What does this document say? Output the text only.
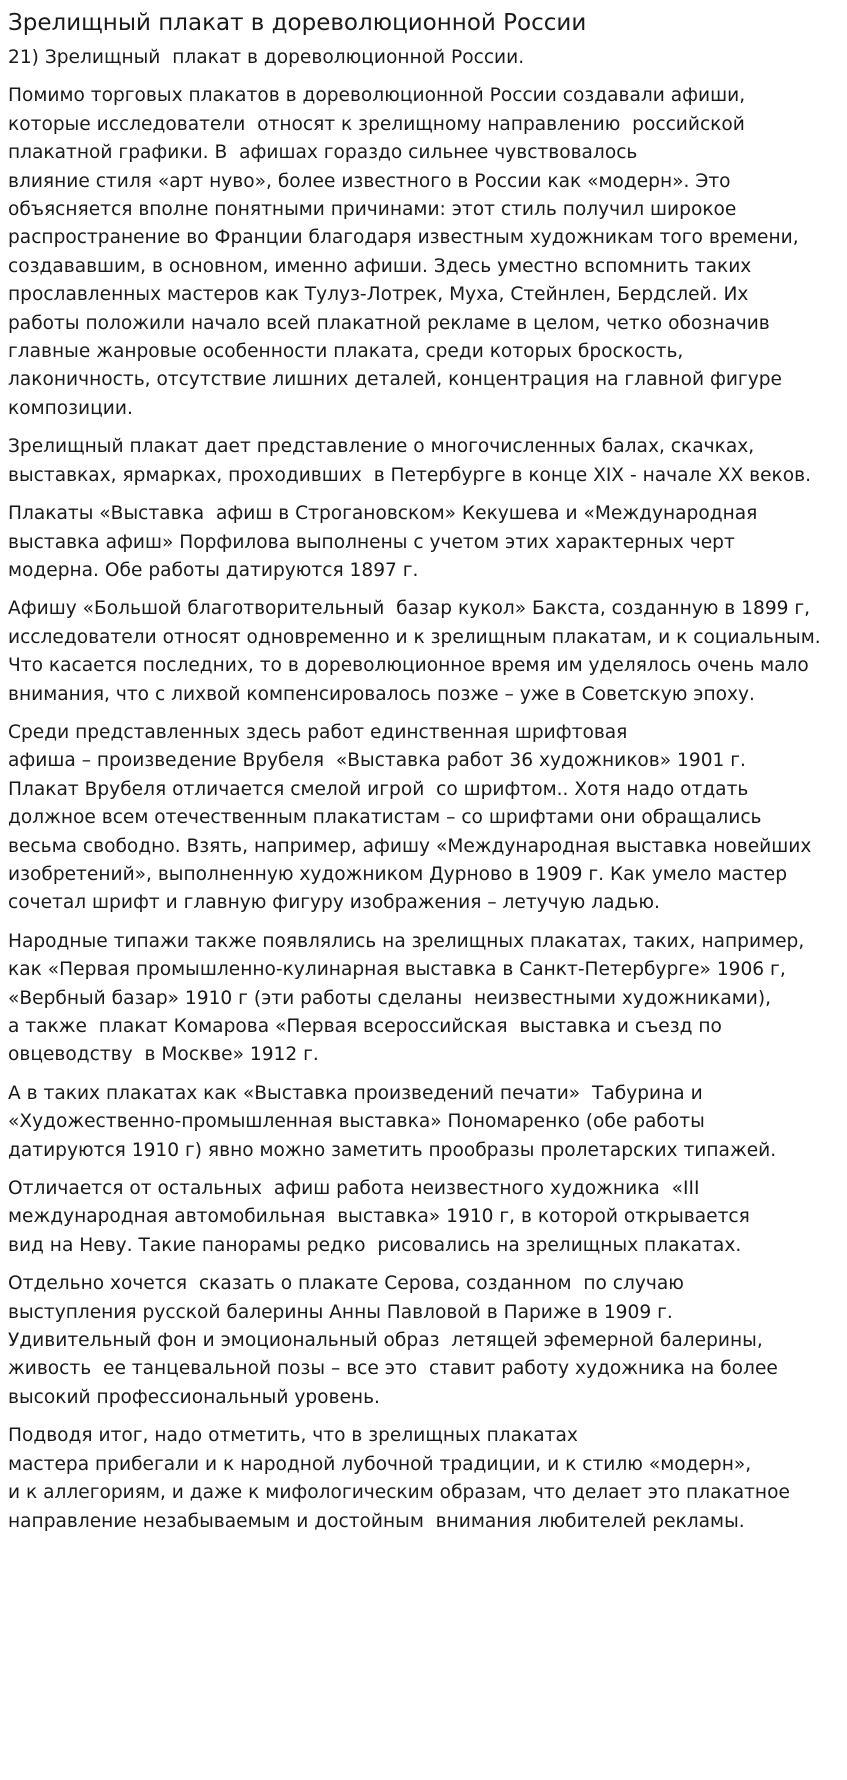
Зрелищный плакат в дореволюционной России

21) Зрелищный  плакат в дореволюционной России.

Помимо торговых плакатов в дореволюционной России создавали афиши,
которые исследователи  относят к зрелищному направлению  российской
плакатной графики. В  афишах гораздо сильнее чувствовалось
влияние стиля «арт нуво», более известного в России как «модерн». Это
объясняется вполне понятными причинами: этот стиль получил широкое
распространение во Франции благодаря известным художникам того времени,
создававшим, в основном, именно афиши. Здесь уместно вспомнить таких
прославленных мастеров как Тулуз-Лотрек, Муха, Стейнлен, Бердслей. Их
работы положили начало всей плакатной рекламе в целом, четко обозначив
главные жанровые особенности плаката, среди которых броскость,
лаконичность, отсутствие лишних деталей, концентрация на главной фигуре
композиции.

Зрелищный плакат дает представление о многочисленных балах, скачках,
выставках, ярмарках, проходивших  в Петербурге в конце XIX - начале XX веков.

Плакаты «Выставка  афиш в Строгановском» Кекушева и «Международная
выставка афиш» Порфилова выполнены с учетом этих характерных черт
модерна. Обе работы датируются 1897 г.

Афишу «Большой благотворительный  базар кукол» Бакста, созданную в 1899 г,
исследователи относят одновременно и к зрелищным плакатам, и к социальным.
Что касается последних, то в дореволюционное время им уделялось очень мало
внимания, что с лихвой компенсировалось позже – уже в Советскую эпоху.

Среди представленных здесь работ единственная шрифтовая
афиша – произведение Врубеля  «Выставка работ 36 художников» 1901 г.
Плакат Врубеля отличается смелой игрой  со шрифтом.. Хотя надо отдать
должное всем отечественным плакатистам – со шрифтами они обращались
весьма свободно. Взять, например, афишу «Международная выставка новейших
изобретений», выполненную художником Дурново в 1909 г. Как умело мастер
сочетал шрифт и главную фигуру изображения – летучую ладью.

Народные типажи также появлялись на зрелищных плакатах, таких, например,
как «Первая промышленно-кулинарная выставка в Санкт-Петербурге» 1906 г,
«Вербный базар» 1910 г (эти работы сделаны  неизвестными художниками),
а также  плакат Комарова «Первая всероссийская  выставка и съезд по
овцеводству  в Москве» 1912 г.

А в таких плакатах как «Выставка произведений печати»  Табурина и
«Художественно-промышленная выставка» Пономаренко (обе работы
датируются 1910 г) явно можно заметить прообразы пролетарских типажей.

Отличается от остальных  афиш работа неизвестного художника  «III
международная автомобильная  выставка» 1910 г, в которой открывается
вид на Неву. Такие панорамы редко  рисовались на зрелищных плакатах.

Отдельно хочется  сказать о плакате Серова, созданном  по случаю
выступления русской балерины Анны Павловой в Париже в 1909 г.
Удивительный фон и эмоциональный образ  летящей эфемерной балерины,
живость  ее танцевальной позы – все это  ставит работу художника на более
высокий профессиональный уровень.

Подводя итог, надо отметить, что в зрелищных плакатах
мастера прибегали и к народной лубочной традиции, и к стилю «модерн»,
и к аллегориям, и даже к мифологическим образам, что делает это плакатное
направление незабываемым и достойным  внимания любителей рекламы.
